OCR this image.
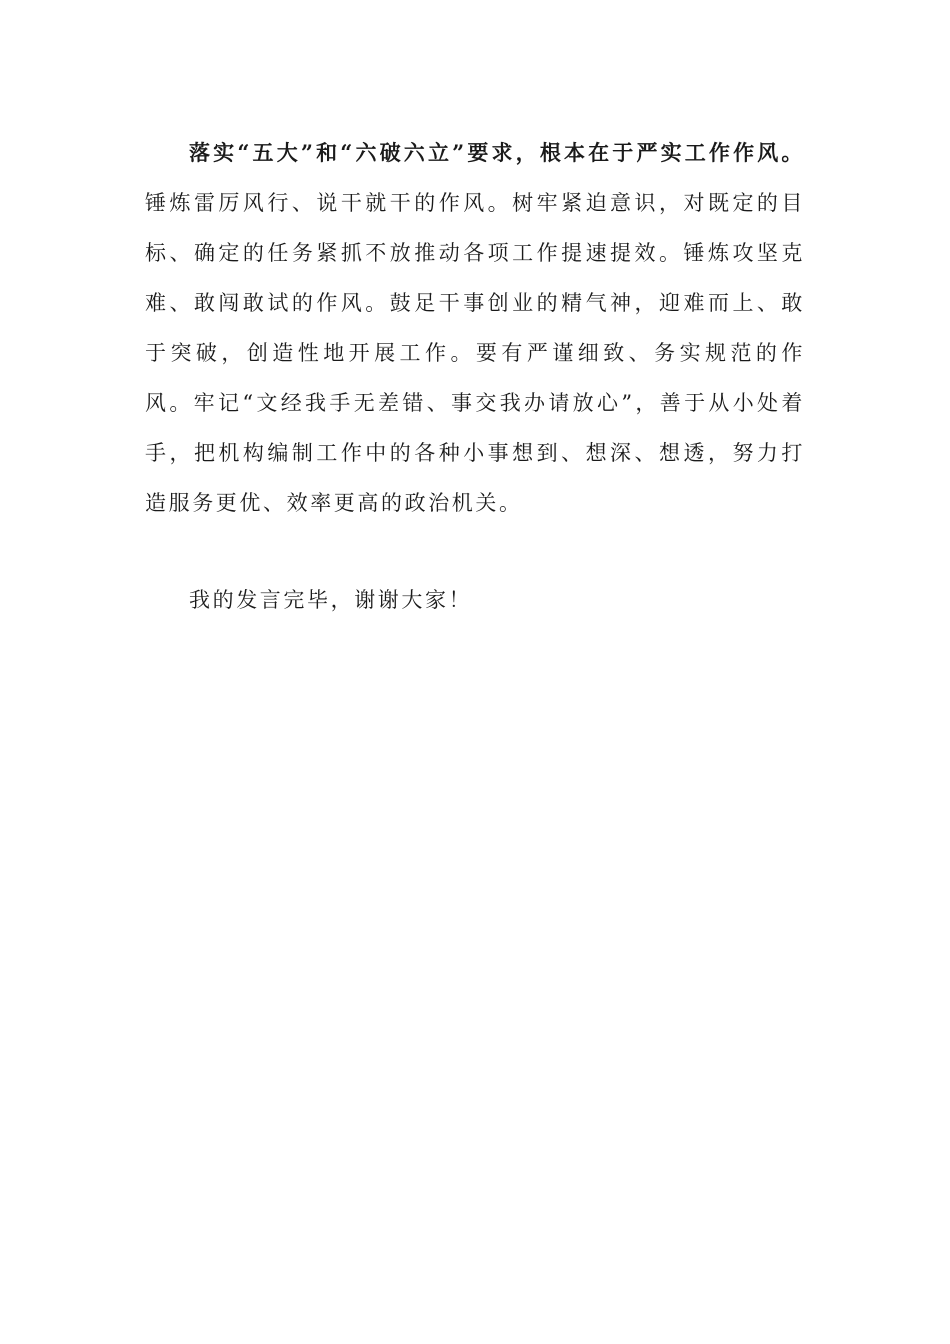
落实“五大”和“六破六立”要求，根本在于严实工作作风。锤炼雷厉风行、说干就干的作风。树牢紧迫意识，对既定的目标、确定的任务紧抓不放推动各项工作提速提效。锤炼攻坚克难、敢闯敢试的作风。鼓足干事创业的精气神，迎难而上、敢于突破，创造性地开展工作。要有严谨细致、务实规范的作风。牢记“文经我手无差错、事交我办请放心”，善于从小处着手，把机构编制工作中的各种小事想到、想深、想透，努力打造服务更优、效率更高的政治机关。

我的发言完毕，谢谢大家！
